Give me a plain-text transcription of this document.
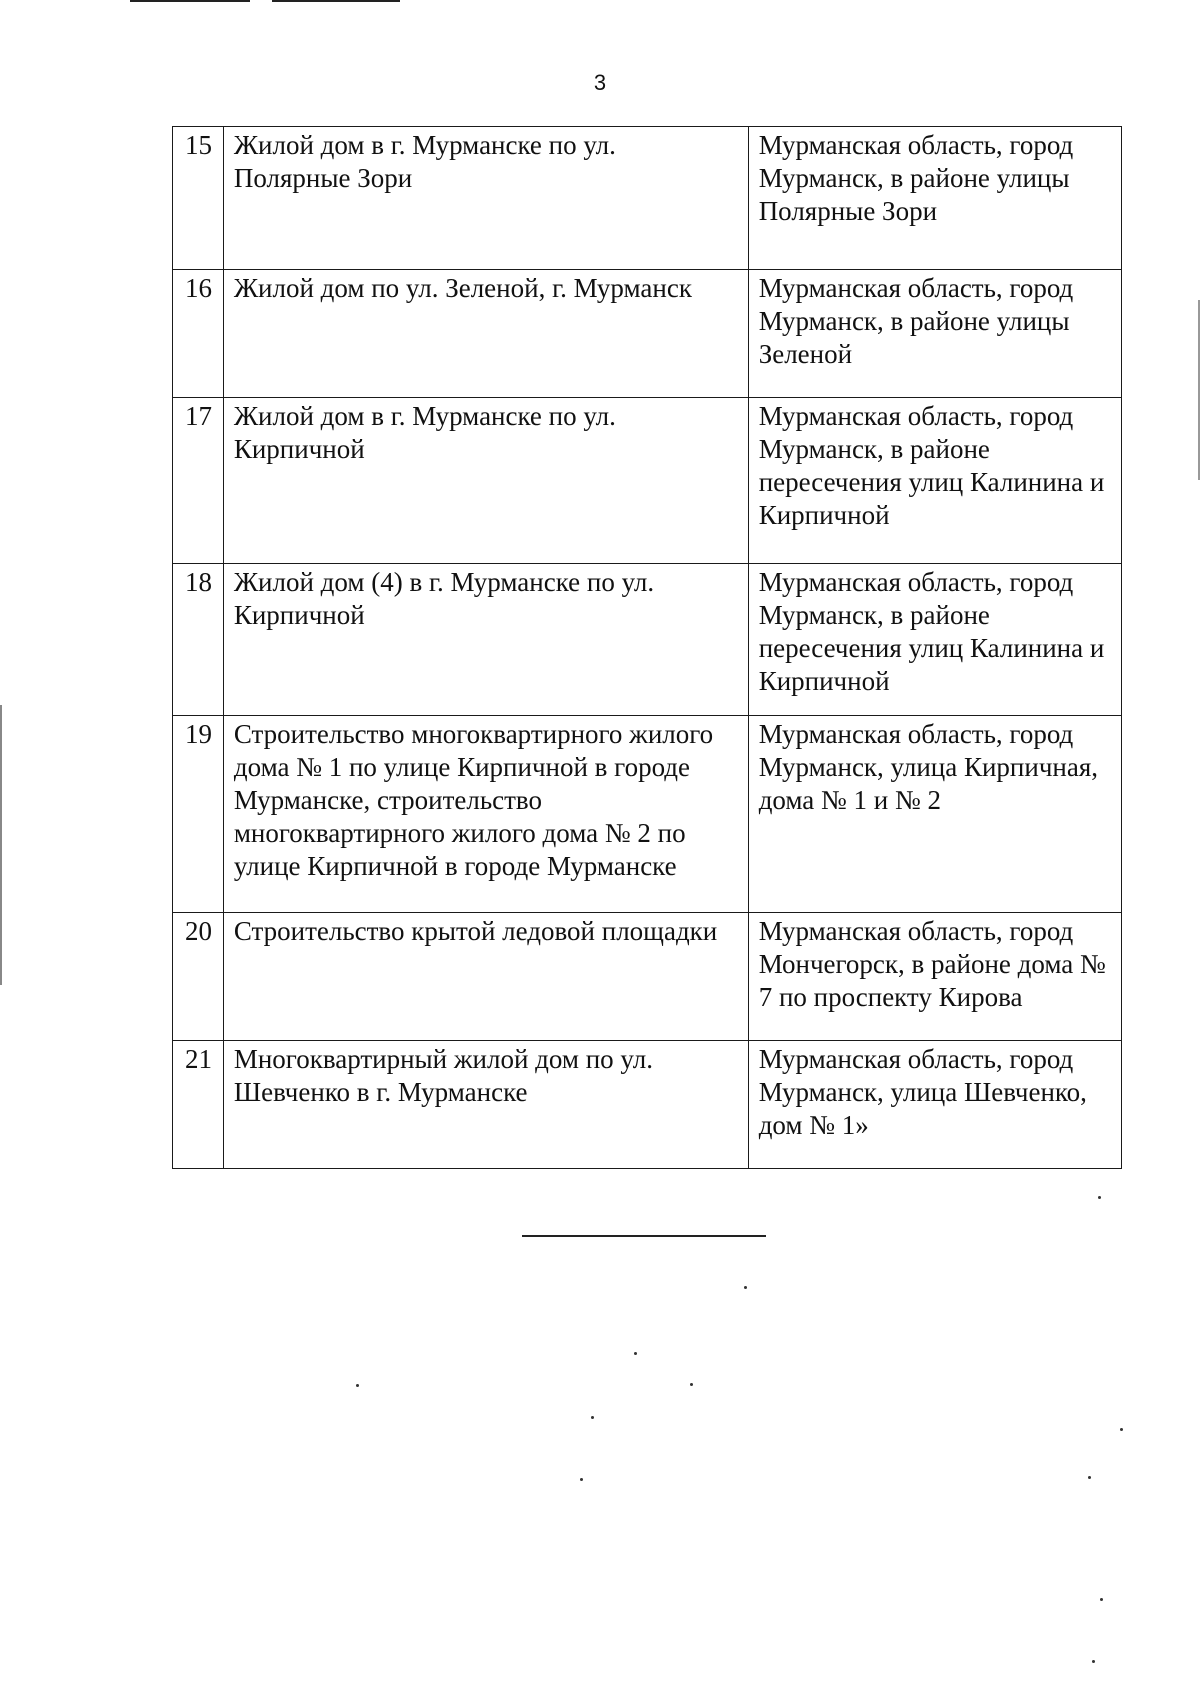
3
15	Жилой дом в г. Мурманске по ул. Полярные Зори	Мурманская область, город Мурманск, в районе улицы Полярные Зори
16	Жилой дом по ул. Зеленой, г. Мурманск	Мурманская область, город Мурманск, в районе улицы Зеленой
17	Жилой дом в г. Мурманске по ул. Кирпичной	Мурманская область, город Мурманск, в районе пересечения улиц Калинина и Кирпичной
18	Жилой дом (4) в г. Мурманске по ул. Кирпичной	Мурманская область, город Мурманск, в районе пересечения улиц Калинина и Кирпичной
19	Строительство многоквартирного жилого дома № 1 по улице Кирпичной в городе Мурманске, строительство многоквартирного жилого дома № 2 по улице Кирпичной в городе Мурманске	Мурманская область, город Мурманск, улица Кирпичная, дома № 1 и № 2
20	Строительство крытой ледовой площадки	Мурманская область, город Мончегорск, в районе дома № 7 по проспекту Кирова
21	Многоквартирный жилой дом по ул. Шевченко в г. Мурманске	Мурманская область, город Мурманск, улица Шевченко, дом № 1»
